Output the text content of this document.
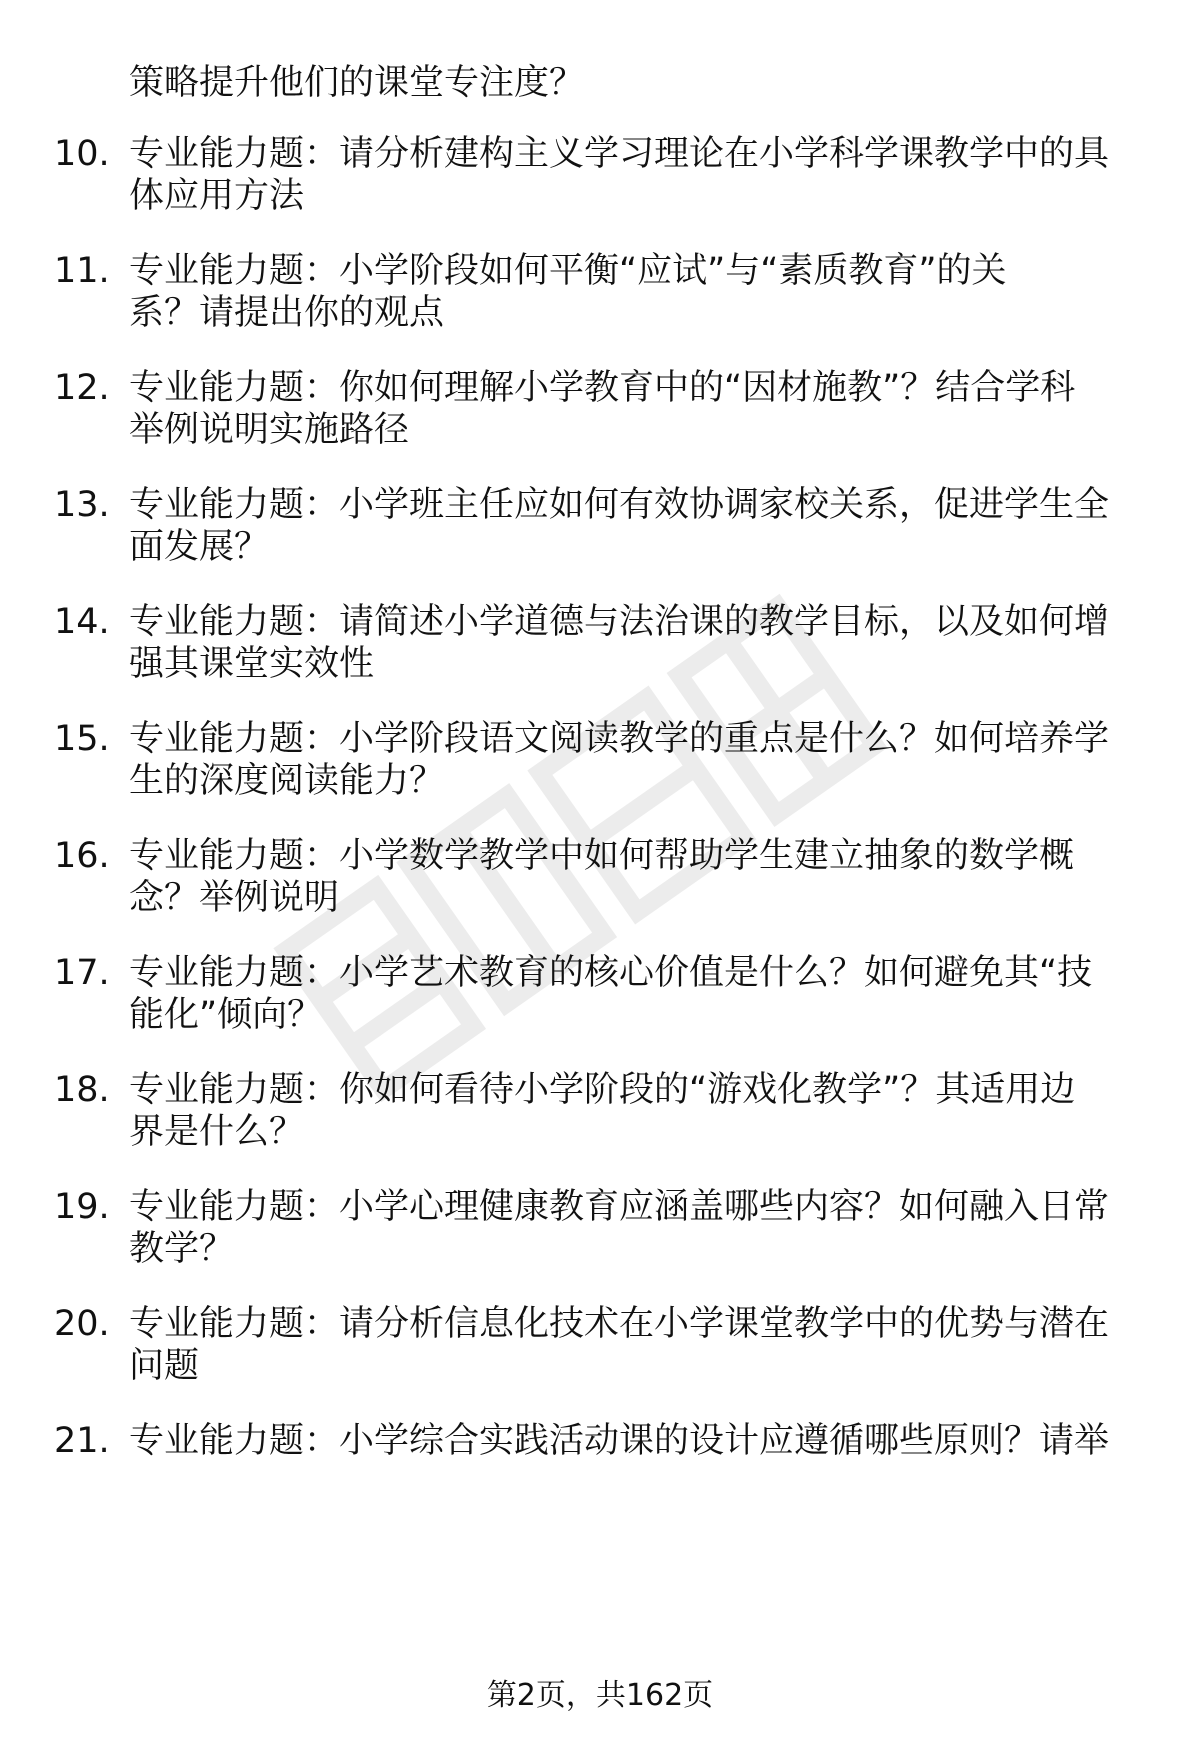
策略提升他们的课堂专注度？
10. 专业能力题：请分析建构主义学习理论在小学科学课教学中的具
体应用方法
11. 专业能力题：小学阶段如何平衡“应试”与“素质教育”的关
系？请提出你的观点
12. 专业能力题：你如何理解小学教育中的“因材施教”？结合学科
举例说明实施路径
13. 专业能力题：小学班主任应如何有效协调家校关系，促进学生全
面发展？
14. 专业能力题：请简述小学道德与法治课的教学目标，以及如何增
强其课堂实效性
15. 专业能力题：小学阶段语文阅读教学的重点是什么？如何培养学
生的深度阅读能力？
16. 专业能力题：小学数学教学中如何帮助学生建立抽象的数学概
念？举例说明
17. 专业能力题：小学艺术教育的核心价值是什么？如何避免其“技
能化”倾向？
18. 专业能力题：你如何看待小学阶段的“游戏化教学”？其适用边
界是什么？
19. 专业能力题：小学心理健康教育应涵盖哪些内容？如何融入日常
教学？
20. 专业能力题：请分析信息化技术在小学课堂教学中的优势与潜在
问题
21. 专业能力题：小学综合实践活动课的设计应遵循哪些原则？请举
第2页，共162页
